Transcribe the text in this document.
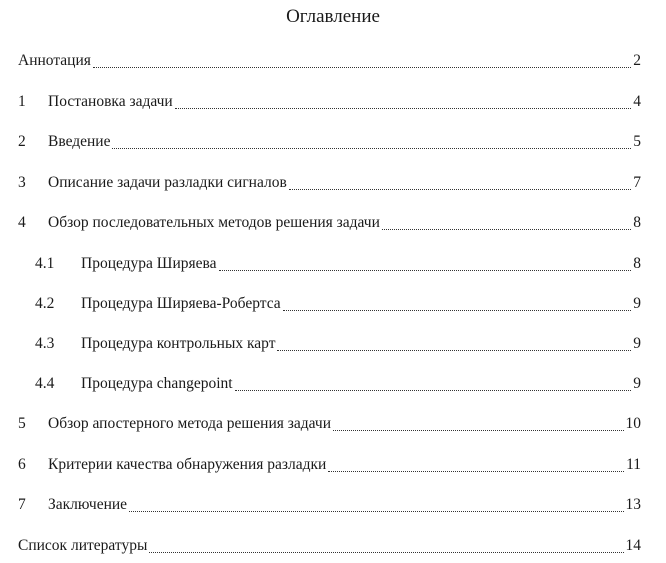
Оглавление
Аннотация	2
1	Постановка задачи	4
2	Введение	5
3	Описание задачи разладки сигналов	7
4	Обзор последовательных методов решения задачи	8
4.1	Процедура Ширяева	8
4.2	Процедура Ширяева-Робертса	9
4.3	Процедура контрольных карт	9
4.4	Процедура changepoint	9
5	Обзор апостерного метода решения задачи	10
6	Критерии качества обнаружения разладки	11
7	Заключение	13
Список литературы	14
